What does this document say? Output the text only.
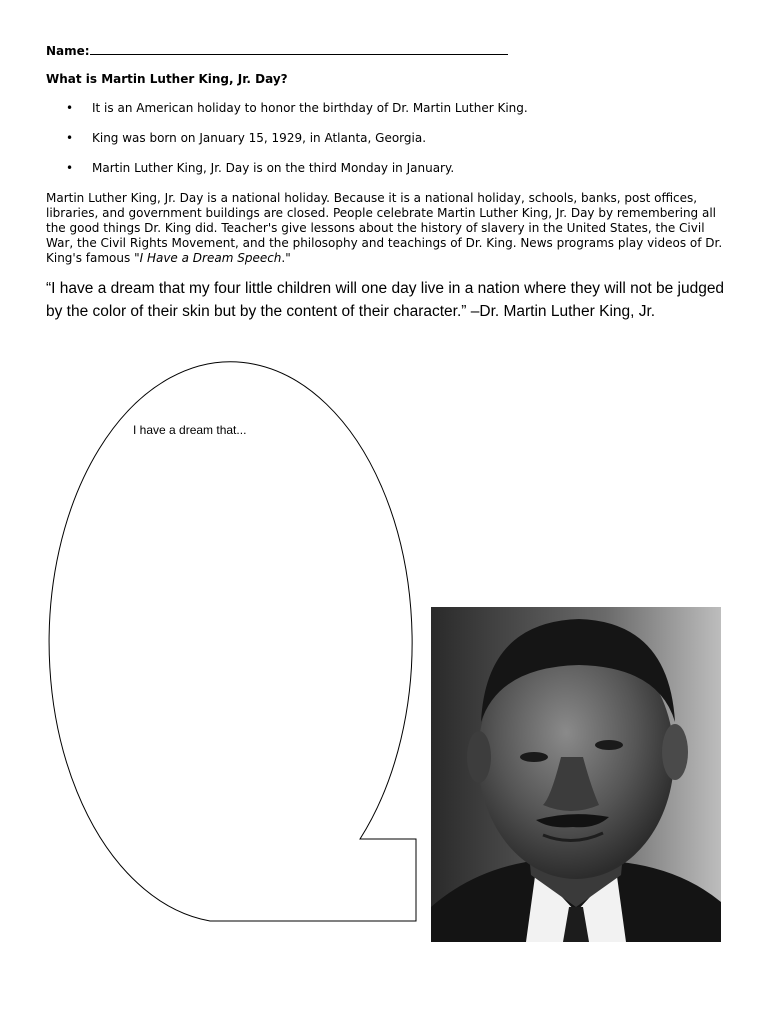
Name:
What is Martin Luther King, Jr. Day?
• It is an American holiday to honor the birthday of Dr. Martin Luther King.
• King was born on January 15, 1929, in Atlanta, Georgia.
• Martin Luther King, Jr. Day is on the third Monday in January.
Martin Luther King, Jr. Day is a national holiday. Because it is a national holiday, schools, banks, post offices, libraries, and government buildings are closed. People celebrate Martin Luther King, Jr. Day by remembering all the good things Dr. King did. Teacher's give lessons about the history of slavery in the United States, the Civil War, the Civil Rights Movement, and the philosophy and teachings of Dr. King. News programs play videos of Dr. King's famous "I Have a Dream Speech."
“I have a dream that my four little children will one day live in a nation where they will not be judged by the color of their skin but by the content of their character.” –Dr. Martin Luther King, Jr.
I have a dream that...
